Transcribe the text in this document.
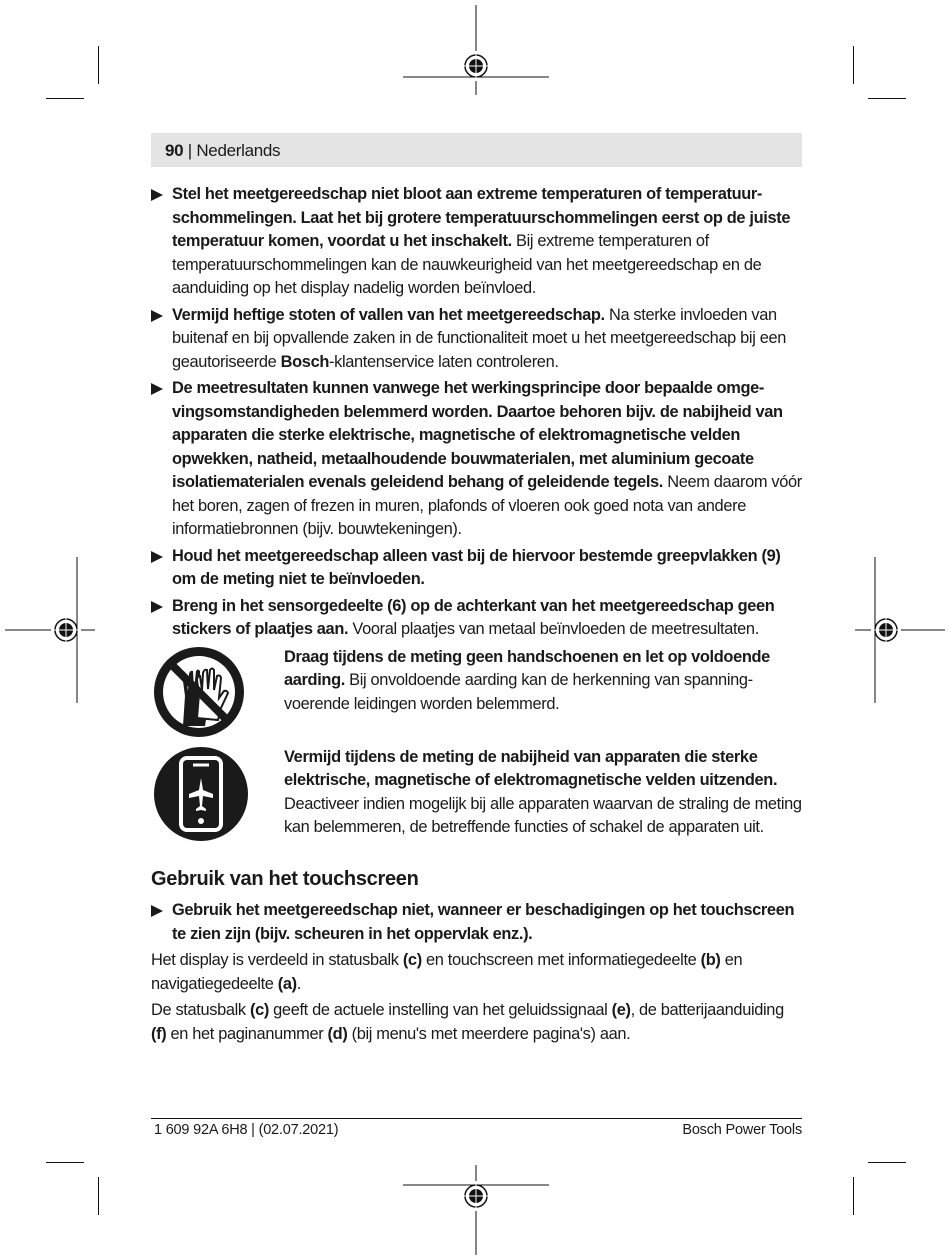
90 | Nederlands
Stel het meetgereedschap niet bloot aan extreme temperaturen of temperatuurschommelingen. Laat het bij grotere temperatuurschommelingen eerst op de juiste temperatuur komen, voordat u het inschakelt. Bij extreme temperaturen of temperatuurschommelingen kan de nauwkeurigheid van het meetgereedschap en de aanduiding op het display nadelig worden beïnvloed.
Vermijd heftige stoten of vallen van het meetgereedschap. Na sterke invloeden van buitenaf en bij opvallende zaken in de functionaliteit moet u het meetgereedschap bij een geautoriseerde Bosch-klantenservice laten controleren.
De meetresultaten kunnen vanwege het werkingsprincipe door bepaalde omgevingsomstandigheden belemmerd worden. Daartoe behoren bijv. de nabijheid van apparaten die sterke elektrische, magnetische of elektromagnetische velden opwekken, natheid, metaalhoudende bouwmaterialen, met aluminium gecoate isolatiematerialen evenals geleidend behang of geleidende tegels. Neem daarom vóór het boren, zagen of frezen in muren, plafonds of vloeren ook goed nota van andere informatiebronnen (bijv. bouwtekeningen).
Houd het meetgereedschap alleen vast bij de hiervoor bestemde greepvlakken (9) om de meting niet te beïnvloeden.
Breng in het sensorgedeelte (6) op de achterkant van het meetgereedschap geen stickers of plaatjes aan. Vooral plaatjes van metaal beïnvloeden de meetresultaten.
Draag tijdens de meting geen handschoenen en let op voldoende aarding. Bij onvoldoende aarding kan de herkenning van spanningvoerende leidingen worden belemmerd.
Vermijd tijdens de meting de nabijheid van apparaten die sterke elektrische, magnetische of elektromagnetische velden uitzenden. Deactiveer indien mogelijk bij alle apparaten waarvan de straling de meting kan belemmeren, de betreffende functies of schakel de apparaten uit.
Gebruik van het touchscreen
Gebruik het meetgereedschap niet, wanneer er beschadigingen op het touchscreen te zien zijn (bijv. scheuren in het oppervlak enz.).
Het display is verdeeld in statusbalk (c) en touchscreen met informatiegedeelte (b) en navigatiegedeelte (a).
De statusbalk (c) geeft de actuele instelling van het geluidssignaal (e), de batterijaanduiding (f) en het paginanummer (d) (bij menu's met meerdere pagina's) aan.
1 609 92A 6H8 | (02.07.2021)	Bosch Power Tools
